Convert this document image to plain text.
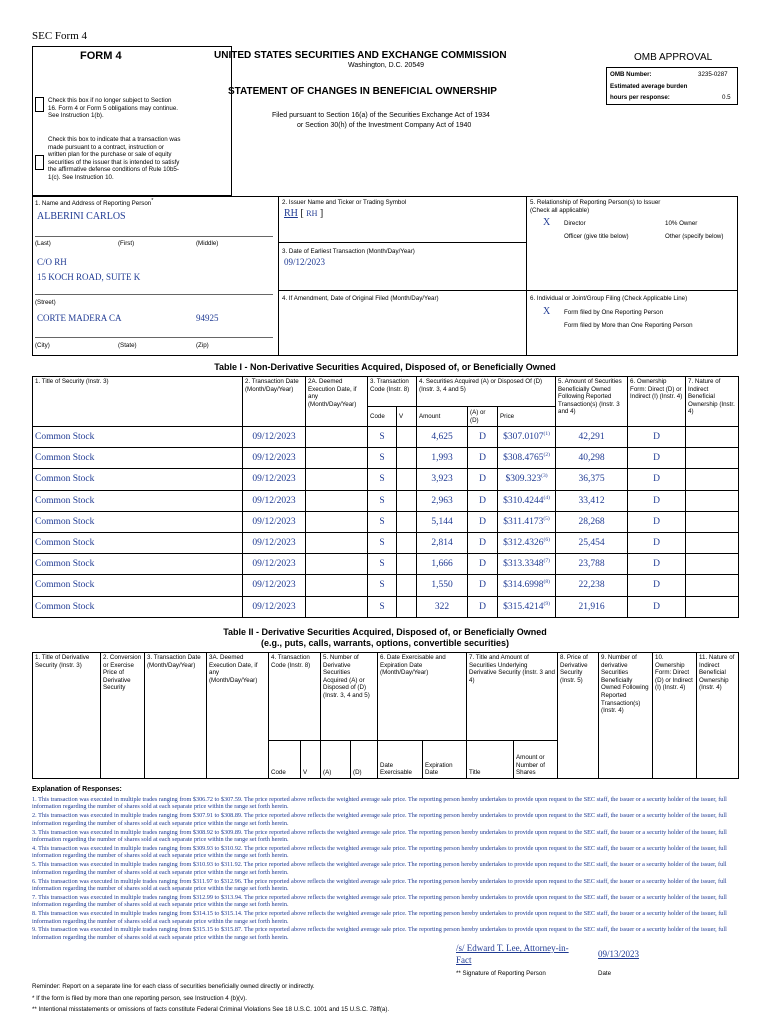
SEC Form 4
FORM 4	UNITED STATES SECURITIES AND EXCHANGE COMMISSION
Washington, D.C. 20549
STATEMENT OF CHANGES IN BENEFICIAL OWNERSHIP
Filed pursuant to Section 16(a) of the Securities Exchange Act of 1934
or Section 30(h) of the Investment Company Act of 1940
Check this box if no longer subject to Section 16. Form 4 or Form 5 obligations may continue. See Instruction 1(b).
Check this box to indicate that a transaction was made pursuant to a contract, instruction or written plan for the purchase or sale of equity securities of the issuer that is intended to satisfy the affirmative defense conditions of Rule 10b5-1(c). See Instruction 10.
OMB APPROVAL
OMB Number:	3235-0287
Estimated average burden
hours per response:	0.5
1. Name and Address of Reporting Person*
ALBERINI CARLOS
(Last)	(First)	(Middle)
C/O RH
15 KOCH ROAD, SUITE K
(Street)
CORTE MADERA CA	94925
(City)	(State)	(Zip)
2. Issuer Name and Ticker or Trading Symbol
RH [ RH ]
3. Date of Earliest Transaction (Month/Day/Year)
09/12/2023
4. If Amendment, Date of Original Filed (Month/Day/Year)
5. Relationship of Reporting Person(s) to Issuer
(Check all applicable)
X Director	10% Owner
Officer (give title below)	Other (specify below)
6. Individual or Joint/Group Filing (Check Applicable Line)
X Form filed by One Reporting Person
Form filed by More than One Reporting Person
Table I - Non-Derivative Securities Acquired, Disposed of, or Beneficially Owned
1. Title of Security (Instr. 3)	2. Transaction Date (Month/Day/Year)	2A. Deemed Execution Date, if any (Month/Day/Year)	3. Transaction Code (Instr. 8)		4. Securities Acquired (A) or Disposed Of (D) (Instr. 3, 4 and 5)			5. Amount of Securities Beneficially Owned Following Reported Transaction(s) (Instr. 3 and 4)	6. Ownership Form: Direct (D) or Indirect (I) (Instr. 4)	7. Nature of Indirect Beneficial Ownership (Instr. 4)
			Code	V	Amount	(A) or (D)	Price			
Common Stock	09/12/2023		S		4,625	D	$307.0107$^{(1)}$	42,291	D	
Common Stock	09/12/2023		S		1,993	D	$308.4765$^{(2)}$	40,298	D	
Common Stock	09/12/2023		S		3,923	D	$309.323$^{(3)}$	36,375	D	
Common Stock	09/12/2023		S		2,963	D	$310.4244$^{(4)}$	33,412	D	
Common Stock	09/12/2023		S		5,144	D	$311.4173$^{(5)}$	28,268	D	
Common Stock	09/12/2023		S		2,814	D	$312.4326$^{(6)}$	25,454	D	
Common Stock	09/12/2023		S		1,666	D	$313.3348$^{(7)}$	23,788	D	
Common Stock	09/12/2023		S		1,550	D	$314.6998$^{(8)}$	22,238	D	
Common Stock	09/12/2023		S		322	D	$315.4214$^{(9)}$	21,916	D	
Table II - Derivative Securities Acquired, Disposed of, or Beneficially Owned
(e.g., puts, calls, warrants, options, convertible securities)
1. Title of Derivative Security (Instr. 3)	2. Conversion or Exercise Price of Derivative Security	3. Transaction Date (Month/Day/Year)	3A. Deemed Execution Date, if any (Month/Day/Year)	4. Transaction Code (Instr. 8)		5. Number of Derivative Securities Acquired (A) or Disposed of (D) (Instr. 3, 4 and 5)		6. Date Exercisable and Expiration Date (Month/Day/Year)		7. Title and Amount of Securities Underlying Derivative Security (Instr. 3 and 4)		8. Price of Derivative Security (Instr. 5)	9. Number of derivative Securities Beneficially Owned Following Reported Transaction(s) (Instr. 4)	10. Ownership Form: Direct (D) or Indirect (I) (Instr. 4)	11. Nature of Indirect Beneficial Ownership (Instr. 4)
				Code	V	(A)	(D)	Date Exercisable	Expiration Date	Title	Amount or Number of Shares				
Explanation of Responses:
1. This transaction was executed in multiple trades ranging from $306.72 to $307.59. The price reported above reflects the weighted average sale price. The reporting person hereby undertakes to provide upon request to the SEC staff, the issuer or a security holder of the issuer, full information regarding the number of shares sold at each separate price within the range set forth herein.
2. This transaction was executed in multiple trades ranging from $307.91 to $308.89. The price reported above reflects the weighted average sale price. The reporting person hereby undertakes to provide upon request to the SEC staff, the issuer or a security holder of the issuer, full information regarding the number of shares sold at each separate price within the range set forth herein.
3. This transaction was executed in multiple trades ranging from $308.92 to $309.89. The price reported above reflects the weighted average sale price. The reporting person hereby undertakes to provide upon request to the SEC staff, the issuer or a security holder of the issuer, full information regarding the number of shares sold at each separate price within the range set forth herein.
4. This transaction was executed in multiple trades ranging from $309.93 to $310.92. The price reported above reflects the weighted average sale price. The reporting person hereby undertakes to provide upon request to the SEC staff, the issuer or a security holder of the issuer, full information regarding the number of shares sold at each separate price within the range set forth herein.
5. This transaction was executed in multiple trades ranging from $310.93 to $311.92. The price reported above reflects the weighted average sale price. The reporting person hereby undertakes to provide upon request to the SEC staff, the issuer or a security holder of the issuer, full information regarding the number of shares sold at each separate price within the range set forth herein.
6. This transaction was executed in multiple trades ranging from $311.97 to $312.96. The price reported above reflects the weighted average sale price. The reporting person hereby undertakes to provide upon request to the SEC staff, the issuer or a security holder of the issuer, full information regarding the number of shares sold at each separate price within the range set forth herein.
7. This transaction was executed in multiple trades ranging from $312.99 to $313.94. The price reported above reflects the weighted average sale price. The reporting person hereby undertakes to provide upon request to the SEC staff, the issuer or a security holder of the issuer, full information regarding the number of shares sold at each separate price within the range set forth herein.
8. This transaction was executed in multiple trades ranging from $314.15 to $315.14. The price reported above reflects the weighted average sale price. The reporting person hereby undertakes to provide upon request to the SEC staff, the issuer or a security holder of the issuer, full information regarding the number of shares sold at each separate price within the range set forth herein.
9. This transaction was executed in multiple trades ranging from $315.15 to $315.87. The price reported above reflects the weighted average sale price. The reporting person hereby undertakes to provide upon request to the SEC staff, the issuer or a security holder of the issuer, full information regarding the number of shares sold at each separate price within the range set forth herein.
/s/ Edward T. Lee, Attorney-in-Fact
09/13/2023
** Signature of Reporting Person	Date
Reminder: Report on a separate line for each class of securities beneficially owned directly or indirectly.
* If the form is filed by more than one reporting person, see Instruction 4 (b)(v).
** Intentional misstatements or omissions of facts constitute Federal Criminal Violations See 18 U.S.C. 1001 and 15 U.S.C. 78ff(a).
